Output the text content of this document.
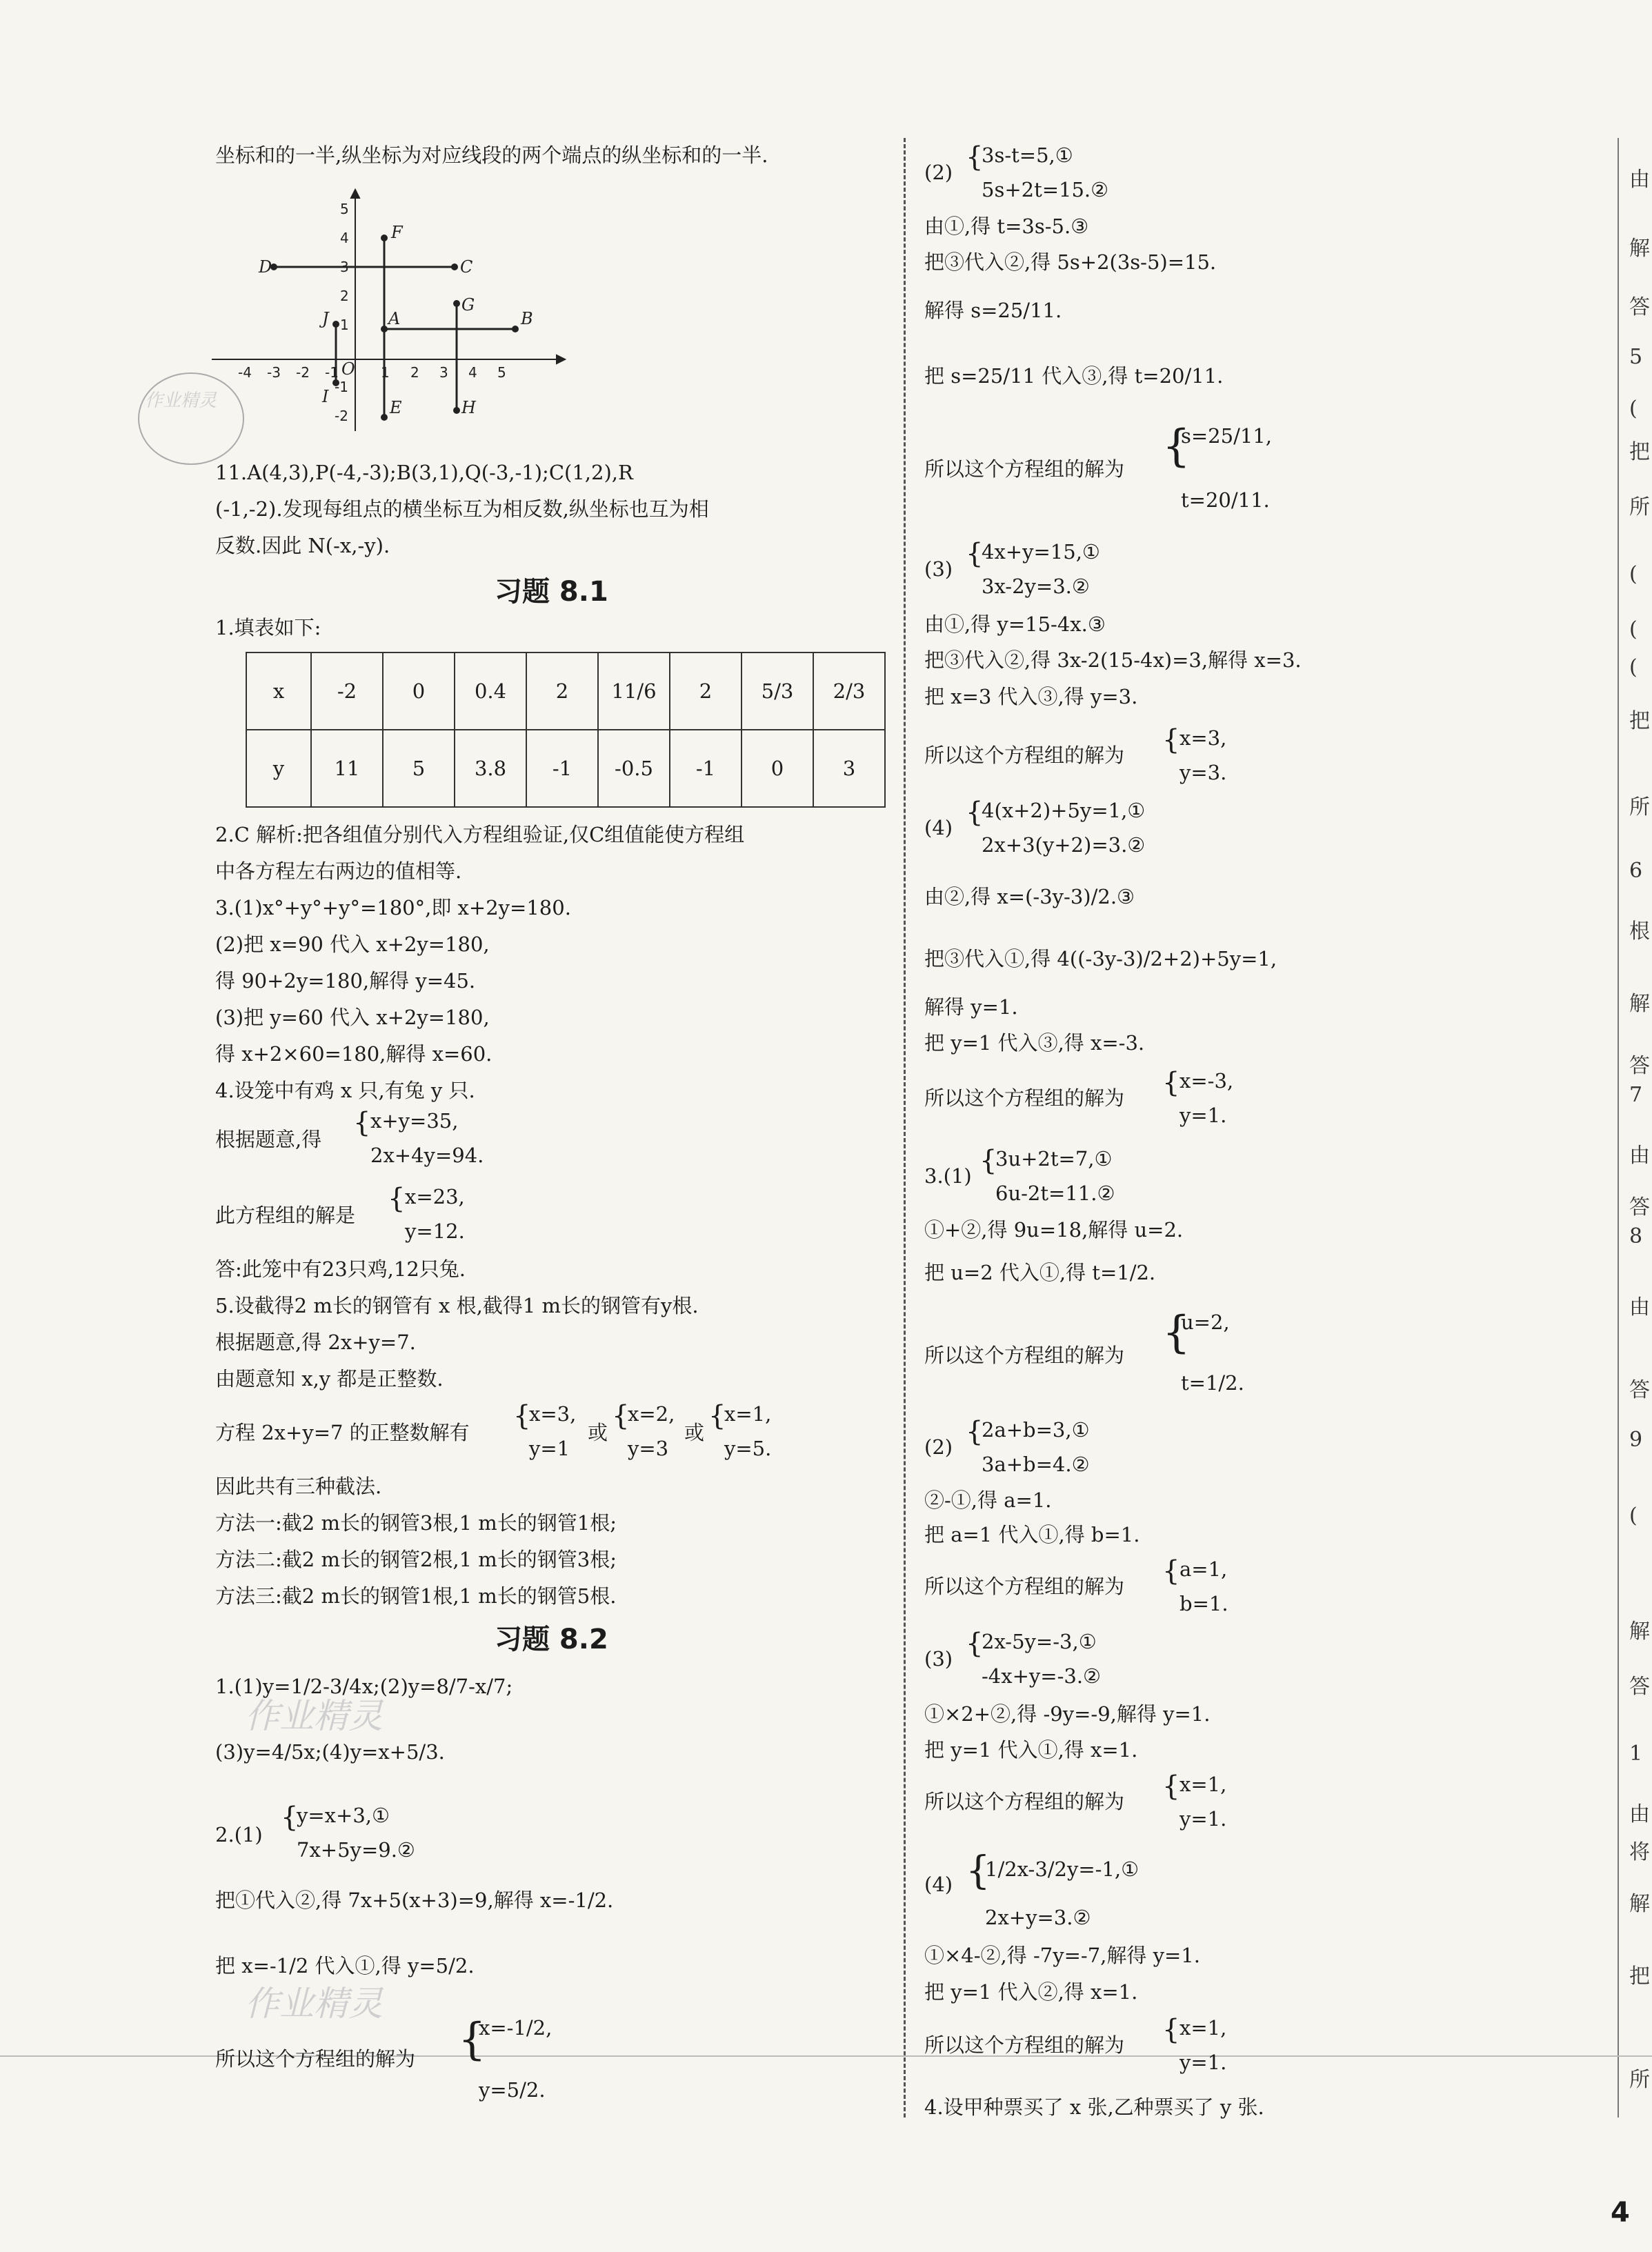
坐标和的一半,纵坐标为对应线段的两个端点的纵坐标和的一半.
D	C
F
J	A
G
B
O
I
E	H
-4 -3 -2 -1	1 2 3 4 5
5
4
3
2
1
-1
-2
11.A(4,3),P(-4,-3);B(3,1),Q(-3,-1);C(1,2),R
(-1,-2).发现每组点的横坐标互为相反数,纵坐标也互为相
反数.因此 N(-x,-y).
习题 8.1
1.填表如下:
x	-2	0	0.4	2	11/6	2	5/3	2/3
y	11	5	3.8	-1	-0.5	-1	0	3
2.C 解析:把各组值分别代入方程组验证,仅C组值能使方程组
中各方程左右两边的值相等.
3.(1)x°+y°+y°=180°,即 x+2y=180.
(2)把 x=90 代入 x+2y=180,
得 90+2y=180,解得 y=45.
(3)把 y=60 代入 x+2y=180,
得 x+2×60=180,解得 x=60.
4.设笼中有鸡 x 只,有兔 y 只.
根据题意,得
{ x+y=35,
2x+4y=94.
此方程组的解是
{ x=23,
y=12.
答:此笼中有23只鸡,12只兔.
5.设截得2 m长的钢管有 x 根,截得1 m长的钢管有y根.
根据题意,得 2x+y=7.
由题意知 x,y 都是正整数.
方程 2x+y=7 的正整数解有
{
x=3,
y=1
或
{
x=2,
y=3
或
{
x=1,
y=5.
因此共有三种截法.
方法一:截2 m长的钢管3根,1 m长的钢管1根;
方法二:截2 m长的钢管2根,1 m长的钢管3根;
方法三:截2 m长的钢管1根,1 m长的钢管5根.
习题 8.2
1.(1)y=1/2-3/4x;(2)y=8/7-x/7;
(3)y=4/5x;(4)y=x+5/3.
2.(1)
{
y=x+3,①
7x+5y=9.②
把①代入②,得 7x+5(x+3)=9,解得 x=-1/2.
把 x=-1/2 代入①,得 y=5/2.
所以这个方程组的解为 {
x=-1/2,
y=5/2.
(2) {
3s-t=5,①
5s+2t=15.②
由①,得 t=3s-5.③
把③代入②,得 5s+2(3s-5)=15.
解得 s=25/11.
把 s=25/11 代入③,得 t=20/11.
所以这个方程组的解为 {
s=25/11,
t=20/11.
(3) {
4x+y=15,①
3x-2y=3.②
由①,得 y=15-4x.③
把③代入②,得 3x-2(15-4x)=3,解得 x=3.
把 x=3 代入③,得 y=3.
所以这个方程组的解为 { x=3,
y=3.
(4) {
4(x+2)+5y=1,①
2x+3(y+2)=3.②
由②,得 x=(-3y-3)/2.③
把③代入①,得 4((-3y-3)/2+2)+5y=1,
解得 y=1.
把 y=1 代入③,得 x=-3.
所以这个方程组的解为 { x=-3,
y=1.
3.(1) {
3u+2t=7,①
6u-2t=11.②
①+②,得 9u=18,解得 u=2.
把 u=2 代入①,得 t=1/2.
所以这个方程组的解为 {
u=2,
t=1/2.
(2) {
2a+b=3,①
3a+b=4.②
②-①,得 a=1.
把 a=1 代入①,得 b=1.
所以这个方程组的解为 { a=1,
b=1.
(3) {
2x-5y=-3,①
-4x+y=-3.②
①×2+②,得 -9y=-9,解得 y=1.
把 y=1 代入①,得 x=1.
所以这个方程组的解为 { x=1,
y=1.
(4) {
1/2x-3/2y=-1,①
2x+y=3.②
①×4-②,得 -7y=-7,解得 y=1.
把 y=1 代入②,得 x=1.
所以这个方程组的解为 { x=1,
y=1.
4.设甲种票买了 x 张,乙种票买了 y 张.
由
解
答
5
(
把
所
(
(
(
把
所
6
根
解
答
7
由
答
8
由
答
9
(
解
答
1
由
将
解
把
所
作业精灵
作业精灵
作业精灵
4
